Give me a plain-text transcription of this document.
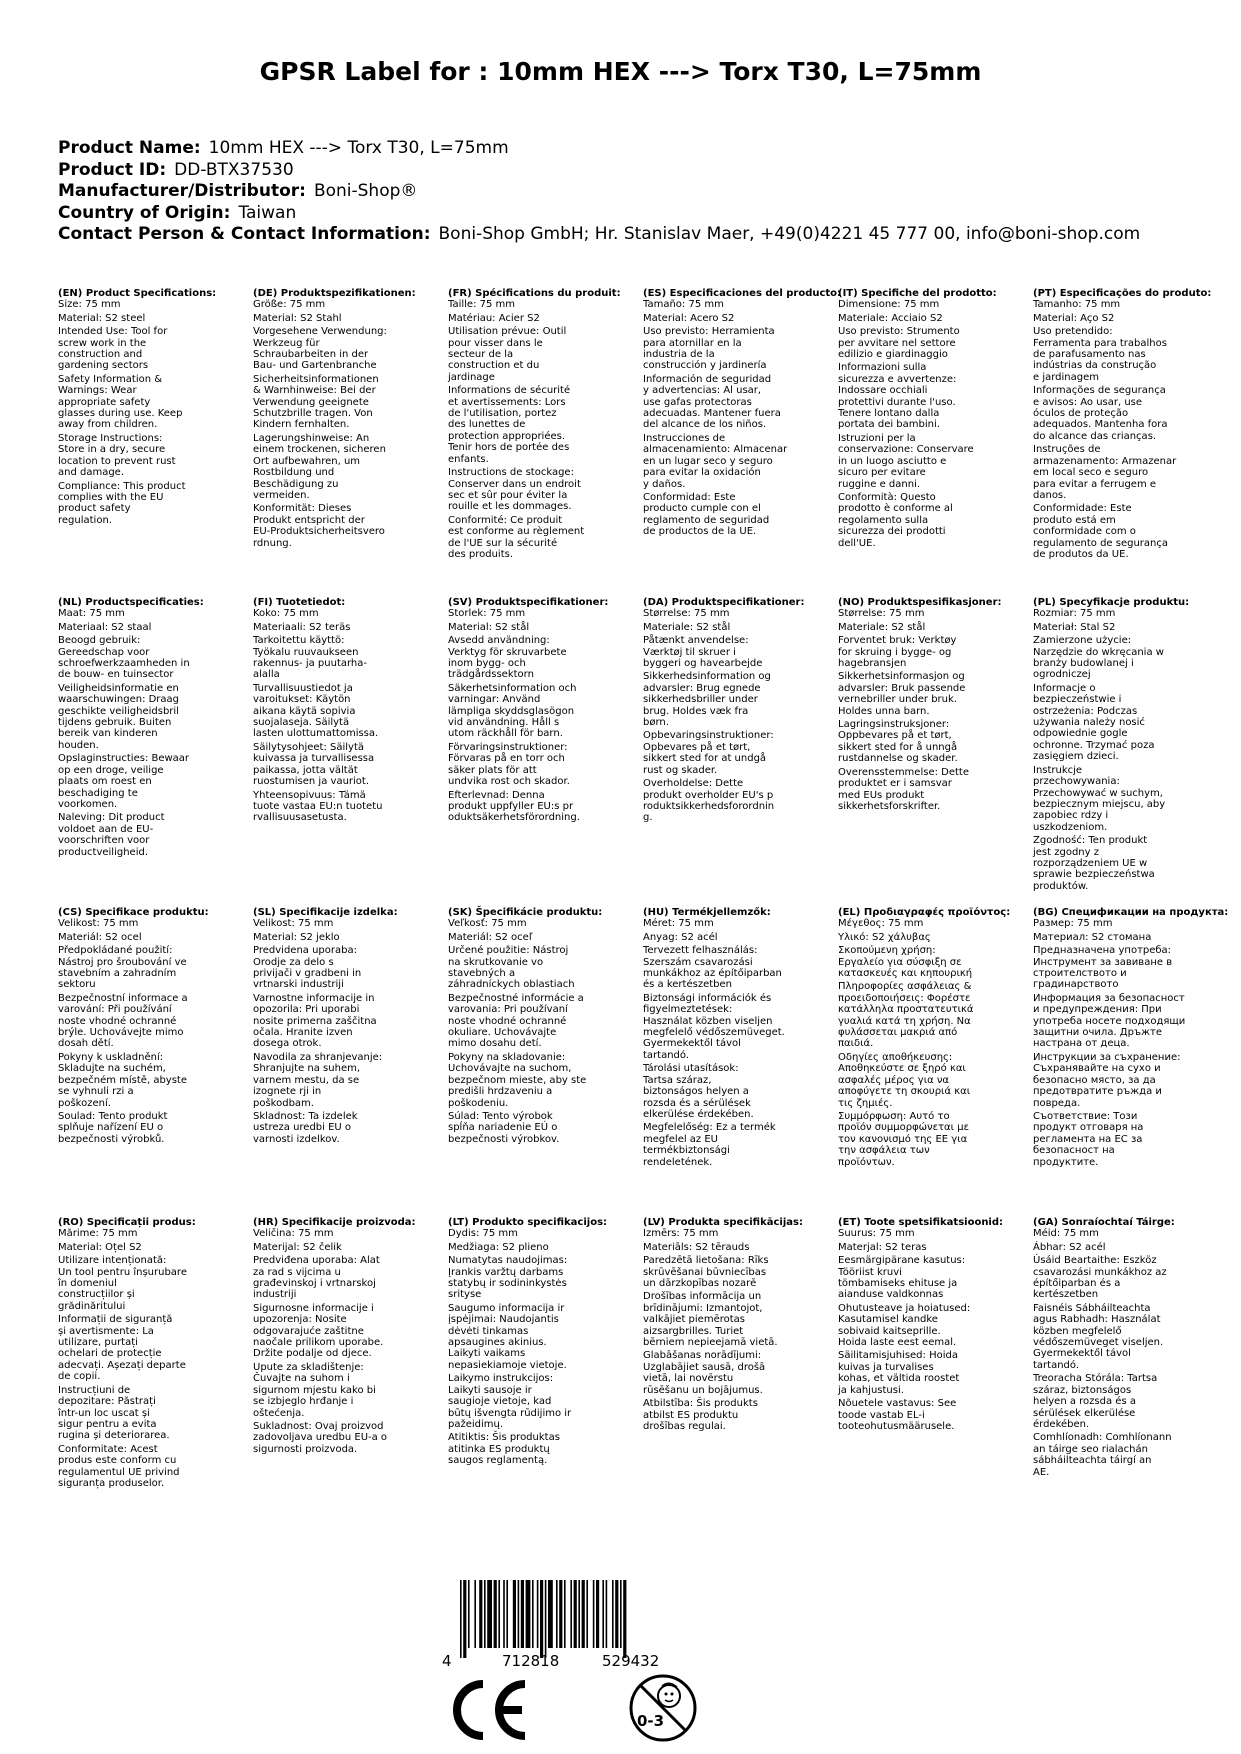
GPSR Label for : 10mm HEX ---> Torx T30, L=75mm
Product Name: 10mm HEX ---> Torx T30, L=75mm
Product ID: DD-BTX37530
Manufacturer/Distributor: Boni-Shop®
Country of Origin: Taiwan
Contact Person & Contact Information: Boni-Shop GmbH; Hr. Stanislav Maer, +49(0)4221 45 777 00, info@boni-shop.com
(EN) Product Specifications:
Size: 75 mm
Material: S2 steel
Intended Use: Tool for
screw work in the
construction and
gardening sectors
Safety Information &
Warnings: Wear
appropriate safety
glasses during use. Keep
away from children.
Storage Instructions:
Store in a dry, secure
location to prevent rust
and damage.
Compliance: This product
complies with the EU
product safety
regulation.
(DE) Produktspezifikationen:
Größe: 75 mm
Material: S2 Stahl
Vorgesehene Verwendung:
Werkzeug für
Schraubarbeiten in der
Bau- und Gartenbranche
Sicherheitsinformationen
& Warnhinweise: Bei der
Verwendung geeignete
Schutzbrille tragen. Von
Kindern fernhalten.
Lagerungshinweise: An
einem trockenen, sicheren
Ort aufbewahren, um
Rostbildung und
Beschädigung zu
vermeiden.
Konformität: Dieses
Produkt entspricht der
EU-Produktsicherheitsvero
rdnung.
(FR) Spécifications du produit:
Taille: 75 mm
Matériau: Acier S2
Utilisation prévue: Outil
pour visser dans le
secteur de la
construction et du
jardinage
Informations de sécurité
et avertissements: Lors
de l'utilisation, portez
des lunettes de
protection appropriées.
Tenir hors de portée des
enfants.
Instructions de stockage:
Conserver dans un endroit
sec et sûr pour éviter la
rouille et les dommages.
Conformité: Ce produit
est conforme au règlement
de l'UE sur la sécurité
des produits.
(ES) Especificaciones del producto:
Tamaño: 75 mm
Material: Acero S2
Uso previsto: Herramienta
para atornillar en la
industria de la
construcción y jardinería
Información de seguridad
y advertencias: Al usar,
use gafas protectoras
adecuadas. Mantener fuera
del alcance de los niños.
Instrucciones de
almacenamiento: Almacenar
en un lugar seco y seguro
para evitar la oxidación
y daños.
Conformidad: Este
producto cumple con el
reglamento de seguridad
de productos de la UE.
(IT) Specifiche del prodotto:
Dimensione: 75 mm
Materiale: Acciaio S2
Uso previsto: Strumento
per avvitare nel settore
edilizio e giardinaggio
Informazioni sulla
sicurezza e avvertenze:
Indossare occhiali
protettivi durante l'uso.
Tenere lontano dalla
portata dei bambini.
Istruzioni per la
conservazione: Conservare
in un luogo asciutto e
sicuro per evitare
ruggine e danni.
Conformità: Questo
prodotto è conforme al
regolamento sulla
sicurezza dei prodotti
dell'UE.
(PT) Especificações do produto:
Tamanho: 75 mm
Material: Aço S2
Uso pretendido:
Ferramenta para trabalhos
de parafusamento nas
indústrias da construção
e jardinagem
Informações de segurança
e avisos: Ao usar, use
óculos de proteção
adequados. Mantenha fora
do alcance das crianças.
Instruções de
armazenamento: Armazenar
em local seco e seguro
para evitar a ferrugem e
danos.
Conformidade: Este
produto está em
conformidade com o
regulamento de segurança
de produtos da UE.
(NL) Productspecificaties:
Maat: 75 mm
Materiaal: S2 staal
Beoogd gebruik:
Gereedschap voor
schroefwerkzaamheden in
de bouw- en tuinsector
Veiligheidsinformatie en
waarschuwingen: Draag
geschikte veiligheidsbril
tijdens gebruik. Buiten
bereik van kinderen
houden.
Opslaginstructies: Bewaar
op een droge, veilige
plaats om roest en
beschadiging te
voorkomen.
Naleving: Dit product
voldoet aan de EU-
voorschriften voor
productveiligheid.
(FI) Tuotetiedot:
Koko: 75 mm
Materiaali: S2 teräs
Tarkoitettu käyttö:
Työkalu ruuvaukseen
rakennus- ja puutarha-
alalla
Turvallisuustiedot ja
varoitukset: Käytön
aikana käytä sopivia
suojalaseja. Säilytä
lasten ulottumattomissa.
Säilytysohjeet: Säilytä
kuivassa ja turvallisessa
paikassa, jotta vältät
ruostumisen ja vauriot.
Yhteensopivuus: Tämä
tuote vastaa EU:n tuotetu
rvallisuusasetusta.
(SV) Produktspecifikationer:
Storlek: 75 mm
Material: S2 stål
Avsedd användning:
Verktyg för skruvarbete
inom bygg- och
trädgårdssektorn
Säkerhetsinformation och
varningar: Använd
lämpliga skyddsglasögon
vid användning. Håll s
utom räckhåll för barn.
Förvaringsinstruktioner:
Förvaras på en torr och
säker plats för att
undvika rost och skador.
Efterlevnad: Denna
produkt uppfyller EU:s pr
oduktsäkerhetsförordning.
(DA) Produktspecifikationer:
Størrelse: 75 mm
Materiale: S2 stål
Påtænkt anvendelse:
Værktøj til skruer i
byggeri og havearbejde
Sikkerhedsinformation og
advarsler: Brug egnede
sikkerhedsbriller under
brug. Holdes væk fra
børn.
Opbevaringsinstruktioner:
Opbevares på et tørt,
sikkert sted for at undgå
rust og skader.
Overholdelse: Dette
produkt overholder EU's p
roduktsikkerhedsforordnin
g.
(NO) Produktspesifikasjoner:
Størrelse: 75 mm
Materiale: S2 stål
Forventet bruk: Verktøy
for skruing i bygge- og
hagebransjen
Sikkerhetsinformasjon og
advarsler: Bruk passende
vernebriller under bruk.
Holdes unna barn.
Lagringsinstruksjoner:
Oppbevares på et tørt,
sikkert sted for å unngå
rustdannelse og skader.
Overensstemmelse: Dette
produktet er i samsvar
med EUs produkt
sikkerhetsforskrifter.
(PL) Specyfikacje produktu:
Rozmiar: 75 mm
Materiał: Stal S2
Zamierzone użycie:
Narzędzie do wkręcania w
branży budowlanej i
ogrodniczej
Informacje o
bezpieczeństwie i
ostrzeżenia: Podczas
używania należy nosić
odpowiednie gogle
ochronne. Trzymać poza
zasięgiem dzieci.
Instrukcje
przechowywania:
Przechowywać w suchym,
bezpiecznym miejscu, aby
zapobiec rdzy i
uszkodzeniom.
Zgodność: Ten produkt
jest zgodny z
rozporządzeniem UE w
sprawie bezpieczeństwa
produktów.
(CS) Specifikace produktu:
Velikost: 75 mm
Materiál: S2 ocel
Předpokládané použití:
Nástroj pro šroubování ve
stavebním a zahradním
sektoru
Bezpečnostní informace a
varování: Při používání
noste vhodné ochranné
brýle. Uchovávejte mimo
dosah dětí.
Pokyny k uskladnění:
Skladujte na suchém,
bezpečném místě, abyste
se vyhnuli rzi a
poškození.
Soulad: Tento produkt
splňuje nařízení EU o
bezpečnosti výrobků.
(SL) Specifikacije izdelka:
Velikost: 75 mm
Material: S2 jeklo
Predvidena uporaba:
Orodje za delo s
privijači v gradbeni in
vrtnarski industriji
Varnostne informacije in
opozorila: Pri uporabi
nosite primerna zaščitna
očala. Hranite izven
dosega otrok.
Navodila za shranjevanje:
Shranjujte na suhem,
varnem mestu, da se
izognete rji in
poškodbam.
Skladnost: Ta izdelek
ustreza uredbi EU o
varnosti izdelkov.
(SK) Špecifikácie produktu:
Veľkosť: 75 mm
Materiál: S2 oceľ
Určené použitie: Nástroj
na skrutkovanie vo
stavebných a
záhradníckych oblastiach
Bezpečnostné informácie a
varovania: Pri používaní
noste vhodné ochranné
okuliare. Uchovávajte
mimo dosahu detí.
Pokyny na skladovanie:
Uchovávajte na suchom,
bezpečnom mieste, aby ste
predišli hrdzaveniu a
poškodeniu.
Súlad: Tento výrobok
spĺňa nariadenie EÚ o
bezpečnosti výrobkov.
(HU) Termékjellemzők:
Méret: 75 mm
Anyag: S2 acél
Tervezett felhasználás:
Szerszám csavarozási
munkákhoz az építőiparban
és a kertészetben
Biztonsági információk és
figyelmeztetések:
Használat közben viseljen
megfelelő védőszemüveget.
Gyermekektől távol
tartandó.
Tárolási utasítások:
Tartsa száraz,
biztonságos helyen a
rozsda és a sérülések
elkerülése érdekében.
Megfelelőség: Ez a termék
megfelel az EU
termékbiztonsági
rendeletének.
(EL) Προδιαγραφές προϊόντος:
Μέγεθος: 75 mm
Υλικό: S2 χάλυβας
Σκοπούμενη χρήση:
Εργαλείο για σύσφιξη σε
κατασκευές και κηπουρική
Πληροφορίες ασφάλειας &
προειδοποιήσεις: Φορέστε
κατάλληλα προστατευτικά
γυαλιά κατά τη χρήση. Να
φυλάσσεται μακριά από
παιδιά.
Οδηγίες αποθήκευσης:
Αποθηκεύστε σε ξηρό και
ασφαλές μέρος για να
αποφύγετε τη σκουριά και
τις ζημιές.
Συμμόρφωση: Αυτό το
προϊόν συμμορφώνεται με
τον κανονισμό της ΕΕ για
την ασφάλεια των
προϊόντων.
(BG) Спецификации на продукта:
Размер: 75 mm
Материал: S2 стомана
Предназначена употреба:
Инструмент за завиване в
строителството и
градинарството
Информация за безопасност
и предупреждения: При
употреба носете подходящи
защитни очила. Дръжте
настрана от деца.
Инструкции за съхранение:
Съхранявайте на сухо и
безопасно място, за да
предотвратите ръжда и
повреда.
Съответствие: Този
продукт отговаря на
регламента на ЕС за
безопасност на
продуктите.
(RO) Specificații produs:
Mărime: 75 mm
Material: Oțel S2
Utilizare intenționată:
Un tool pentru înșurubare
în domeniul
construcțiilor și
grădinăritului
Informații de siguranță
și avertismente: La
utilizare, purtați
ochelari de protecție
adecvați. Așezați departe
de copii.
Instrucțiuni de
depozitare: Păstrați
într-un loc uscat și
sigur pentru a evita
rugina și deteriorarea.
Conformitate: Acest
produs este conform cu
regulamentul UE privind
siguranța produselor.
(HR) Specifikacije proizvoda:
Veličina: 75 mm
Materijal: S2 čelik
Predviđena uporaba: Alat
za rad s vijcima u
građevinskoj i vrtnarskoj
industriji
Sigurnosne informacije i
upozorenja: Nosite
odgovarajuće zaštitne
naočale prilikom uporabe.
Držite podalje od djece.
Upute za skladištenje:
Čuvajte na suhom i
sigurnom mjestu kako bi
se izbjeglo hrđanje i
oštećenja.
Sukladnost: Ovaj proizvod
zadovoljava uredbu EU-a o
sigurnosti proizvoda.
(LT) Produkto specifikacijos:
Dydis: 75 mm
Medžiaga: S2 plieno
Numatytas naudojimas:
Įrankis varžtų darbams
statybų ir sodininkystės
srityse
Saugumo informacija ir
įspėjimai: Naudojantis
dėvėti tinkamas
apsaugines akinius.
Laikyti vaikams
nepasiekiamoje vietoje.
Laikymo instrukcijos:
Laikyti sausoje ir
saugioje vietoje, kad
būtų išvengta rūdijimo ir
pažeidimų.
Atitiktis: Šis produktas
atitinka ES produktų
saugos reglamentą.
(LV) Produkta specifikācijas:
Izmērs: 75 mm
Materiāls: S2 tērauds
Paredzētā lietošana: Rīks
skrūvēšanai būvniecības
un dārzkopības nozarē
Drošības informācija un
brīdinājumi: Izmantojot,
valkājiet piemērotas
aizsargbrilles. Turiet
bērniem nepieejamā vietā.
Glabāšanas norādījumi:
Uzglabājiet sausā, drošā
vietā, lai novērstu
rūsēšanu un bojājumus.
Atbilstība: Šis produkts
atbilst ES produktu
drošības regulai.
(ET) Toote spetsifikatsioonid:
Suurus: 75 mm
Materjal: S2 teras
Eesmärgipärane kasutus:
Tööriist kruvi
tömbamiseks ehituse ja
aianduse valdkonnas
Ohutusteave ja hoiatused:
Kasutamisel kandke
sobivaid kaitseprille.
Hoida laste eest eemal.
Säilitamisjuhised: Hoida
kuivas ja turvalises
kohas, et vältida roostet
ja kahjustusi.
Nõuetele vastavus: See
toode vastab EL-i
tooteohutusmäärusele.
(GA) Sonraíochtaí Táirge:
Méid: 75 mm
Ábhar: S2 acél
Úsáid Beartaithe: Eszköz
csavarozási munkákhoz az
építőiparban és a
kertészetben
Faisnéis Sábháilteachta
agus Rabhadh: Használat
közben megfelelő
védőszemüveget viseljen.
Gyermekektől távol
tartandó.
Treoracha Stórála: Tartsa
száraz, biztonságos
helyen a rozsda és a
sérülések elkerülése
érdekében.
Comhlíonadh: Comhlíonann
an táirge seo rialachán
sábháilteachta táirgí an
AE.
4	712818	529432
CE
0-3
